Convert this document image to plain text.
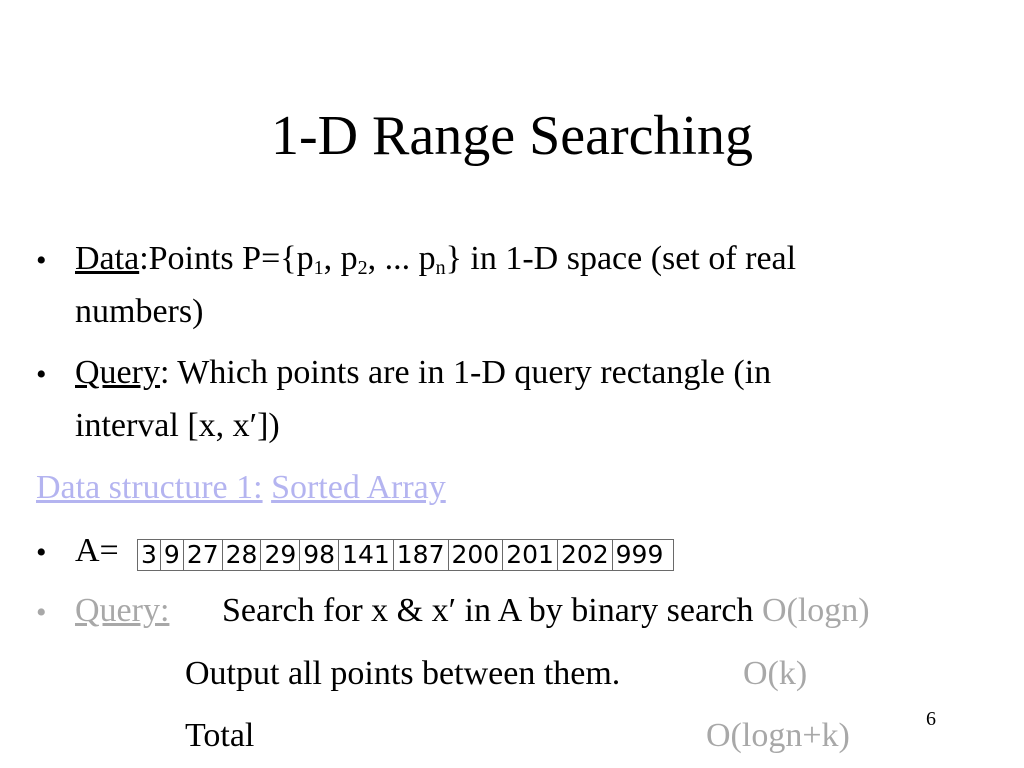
1-D Range Searching
• Data:Points $P=\{p_1$, $p_2$, ... $p_n$} in 1-D space (set of real
numbers)
• Query: Which points are in 1-D query rectangle (in
interval [x, x′])
Data structure 1: Sorted Array
• A= 3 9 27 28 29 98 141 187 200 201 202 999
• Query: Search for x & x′ in A by binary search O(logn)
Output all points between them.	O(k)
Total	O(logn+k)	6
